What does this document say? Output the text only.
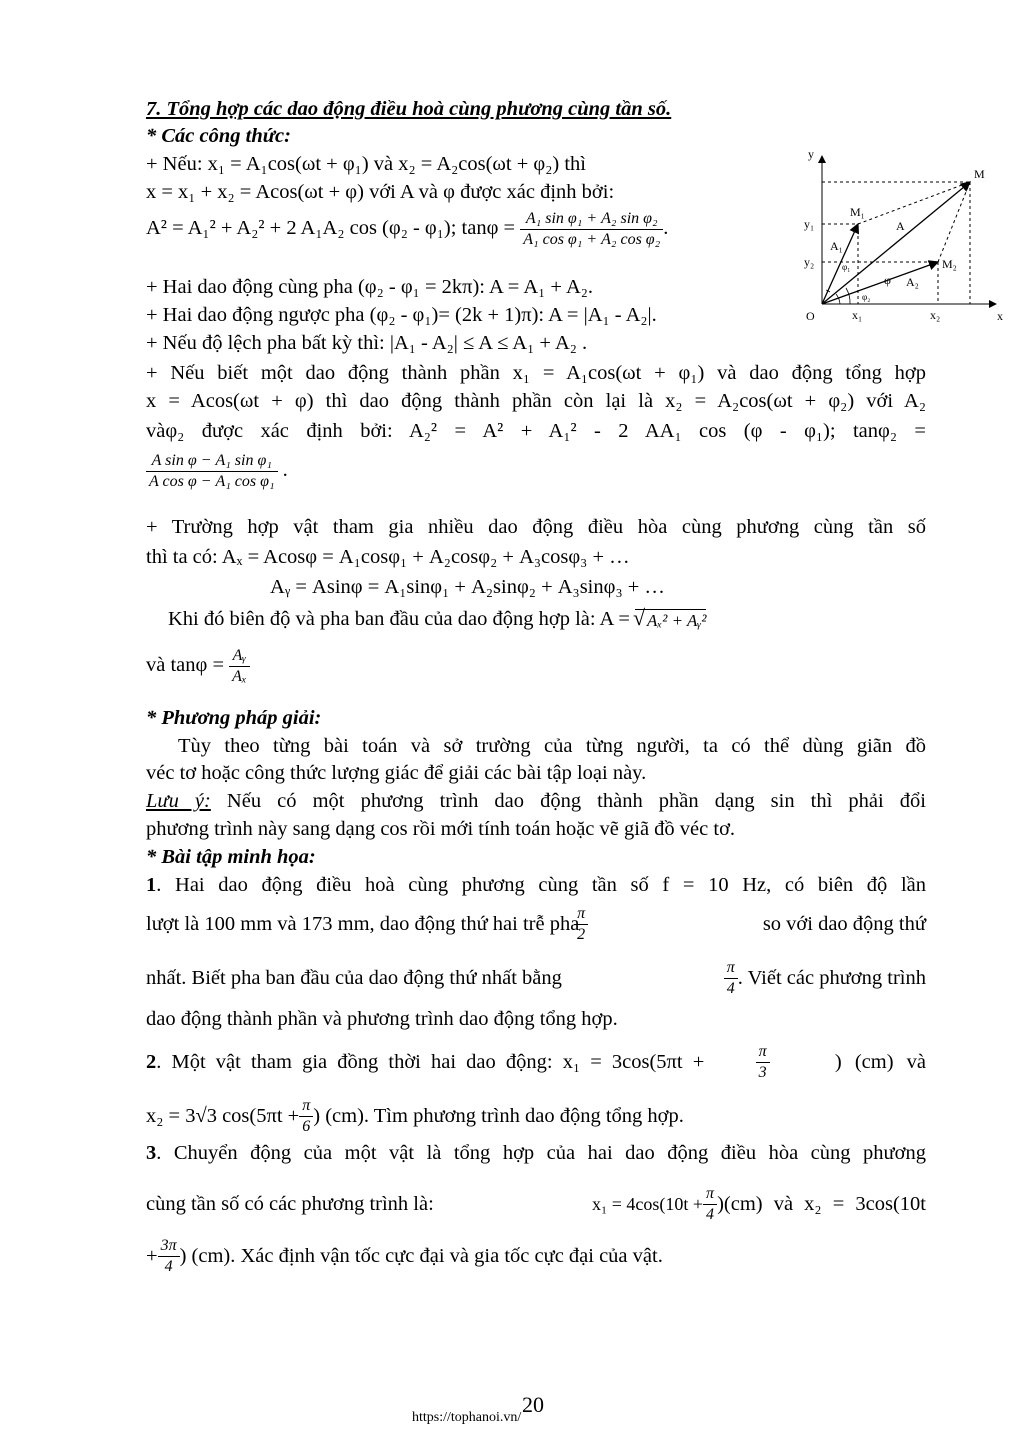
7. Tổng hợp các dao động điều hoà cùng phương cùng tần số.
* Các công thức:
+ Nếu: x₁ = A₁cos(ωt + φ₁) và x₂ = A₂cos(ωt + φ₂) thì
x = x₁ + x₂ = Acos(ωt + φ) với A và φ được xác định bởi:
A² = A₁² + A₂² + 2 A₁A₂ cos (φ₂ - φ₁); $\tan\varphi = \frac{\text{A₁ sin φ₁ + A₂ sin φ₂}}{\text{A₁ cos φ₁ + A₂ cos φ₂}}$ .
+ Hai dao động cùng pha (φ₂ - φ₁ = 2kπ): A = A₁ + A₂.
+ Hai dao động ngược pha (φ₂ - φ₁)= (2k + 1)π): A = |A₁ - A₂|.
+ Nếu độ lệch pha bất kỳ thì: |A₁ - A₂| ≤ A ≤ A₁ + A₂ .
+ Nếu biết một dao động thành phần x₁ = A₁cos(ωt + φ₁) và dao động tổng hợp
x = Acos(ωt + φ) thì dao động thành phần còn lại là x₂ = A₂cos(ωt + φ₂) với A₂
vàφ₂ được xác định bởi: A₂² = A² + A₁² - 2 AA₁ cos (φ - φ₁); tanφ₂ =
$\frac{\text{A sin φ − A₁ sin φ₁}}{\text{A cos φ − A₁ cos φ₁}}$ .
+ Trường hợp vật tham gia nhiều dao động điều hòa cùng phương cùng tần số
thì ta có: Aₓ = Acosφ = A₁cosφ₁ + A₂cosφ₂ + A₃cosφ₃ + …
Aᵧ = Asinφ = A₁sinφ₁ + A₂sinφ₂ + A₃sinφ₃ + …
Khi đó biên độ và pha ban đầu của dao động hợp là: A = √ Aₓ² + Aᵧ²
và $\tan\varphi = \frac{\text{Aᵧ}}{\text{Aₓ}}$
* Phương pháp giải:
Tùy theo từng bài toán và sở trường của từng người, ta có thể dùng giãn đồ
véc tơ hoặc công thức lượng giác để giải các bài tập loại này.
Lưu ý: Nếu có một phương trình dao động thành phần dạng sin thì phải đổi
phương trình này sang dạng cos rồi mới tính toán hoặc vẽ giã đồ véc tơ.
* Bài tập minh họa:
1. Hai dao động điều hoà cùng phương cùng tần số f = 10 Hz, có biên độ lần
lượt là 100 mm và 173 mm, dao động thứ hai trễ pha
$\frac{\pi}{2}$	so với dao động thứ
nhất. Biết pha ban đầu của dao động thứ nhất bằng	$\frac{\pi}{4}$ . Viết các phương trình
dao động thành phần và phương trình dao động tổng hợp.
2. Một vật tham gia đồng thời hai dao động: x₁ = 3cos(5πt +	$\frac{\pi}{3}$	) (cm) và
x₂ = 3√3 $\cos(5\pi t + \frac{\pi}{6}$ ) (cm). Tìm phương trình dao động tổng hợp.
3. Chuyển động của một vật là tổng hợp của hai dao động điều hòa cùng phương
cùng tần số có các phương trình là:	$x_1 = 4\cos(10t + \frac{\pi}{4} )(cm)$ và x₂ = 3cos(10t
+ $\frac{3\pi}{4}$ ) (cm). Xác định vận tốc cực đại và gia tốc cực đại của vật.
y
x
O
M
M₁
M₂
A
A₁
A₂
y₁
y₂
x₁	x₂
φ
φ₁
φ₂
20
https://tophanoi.vn/
